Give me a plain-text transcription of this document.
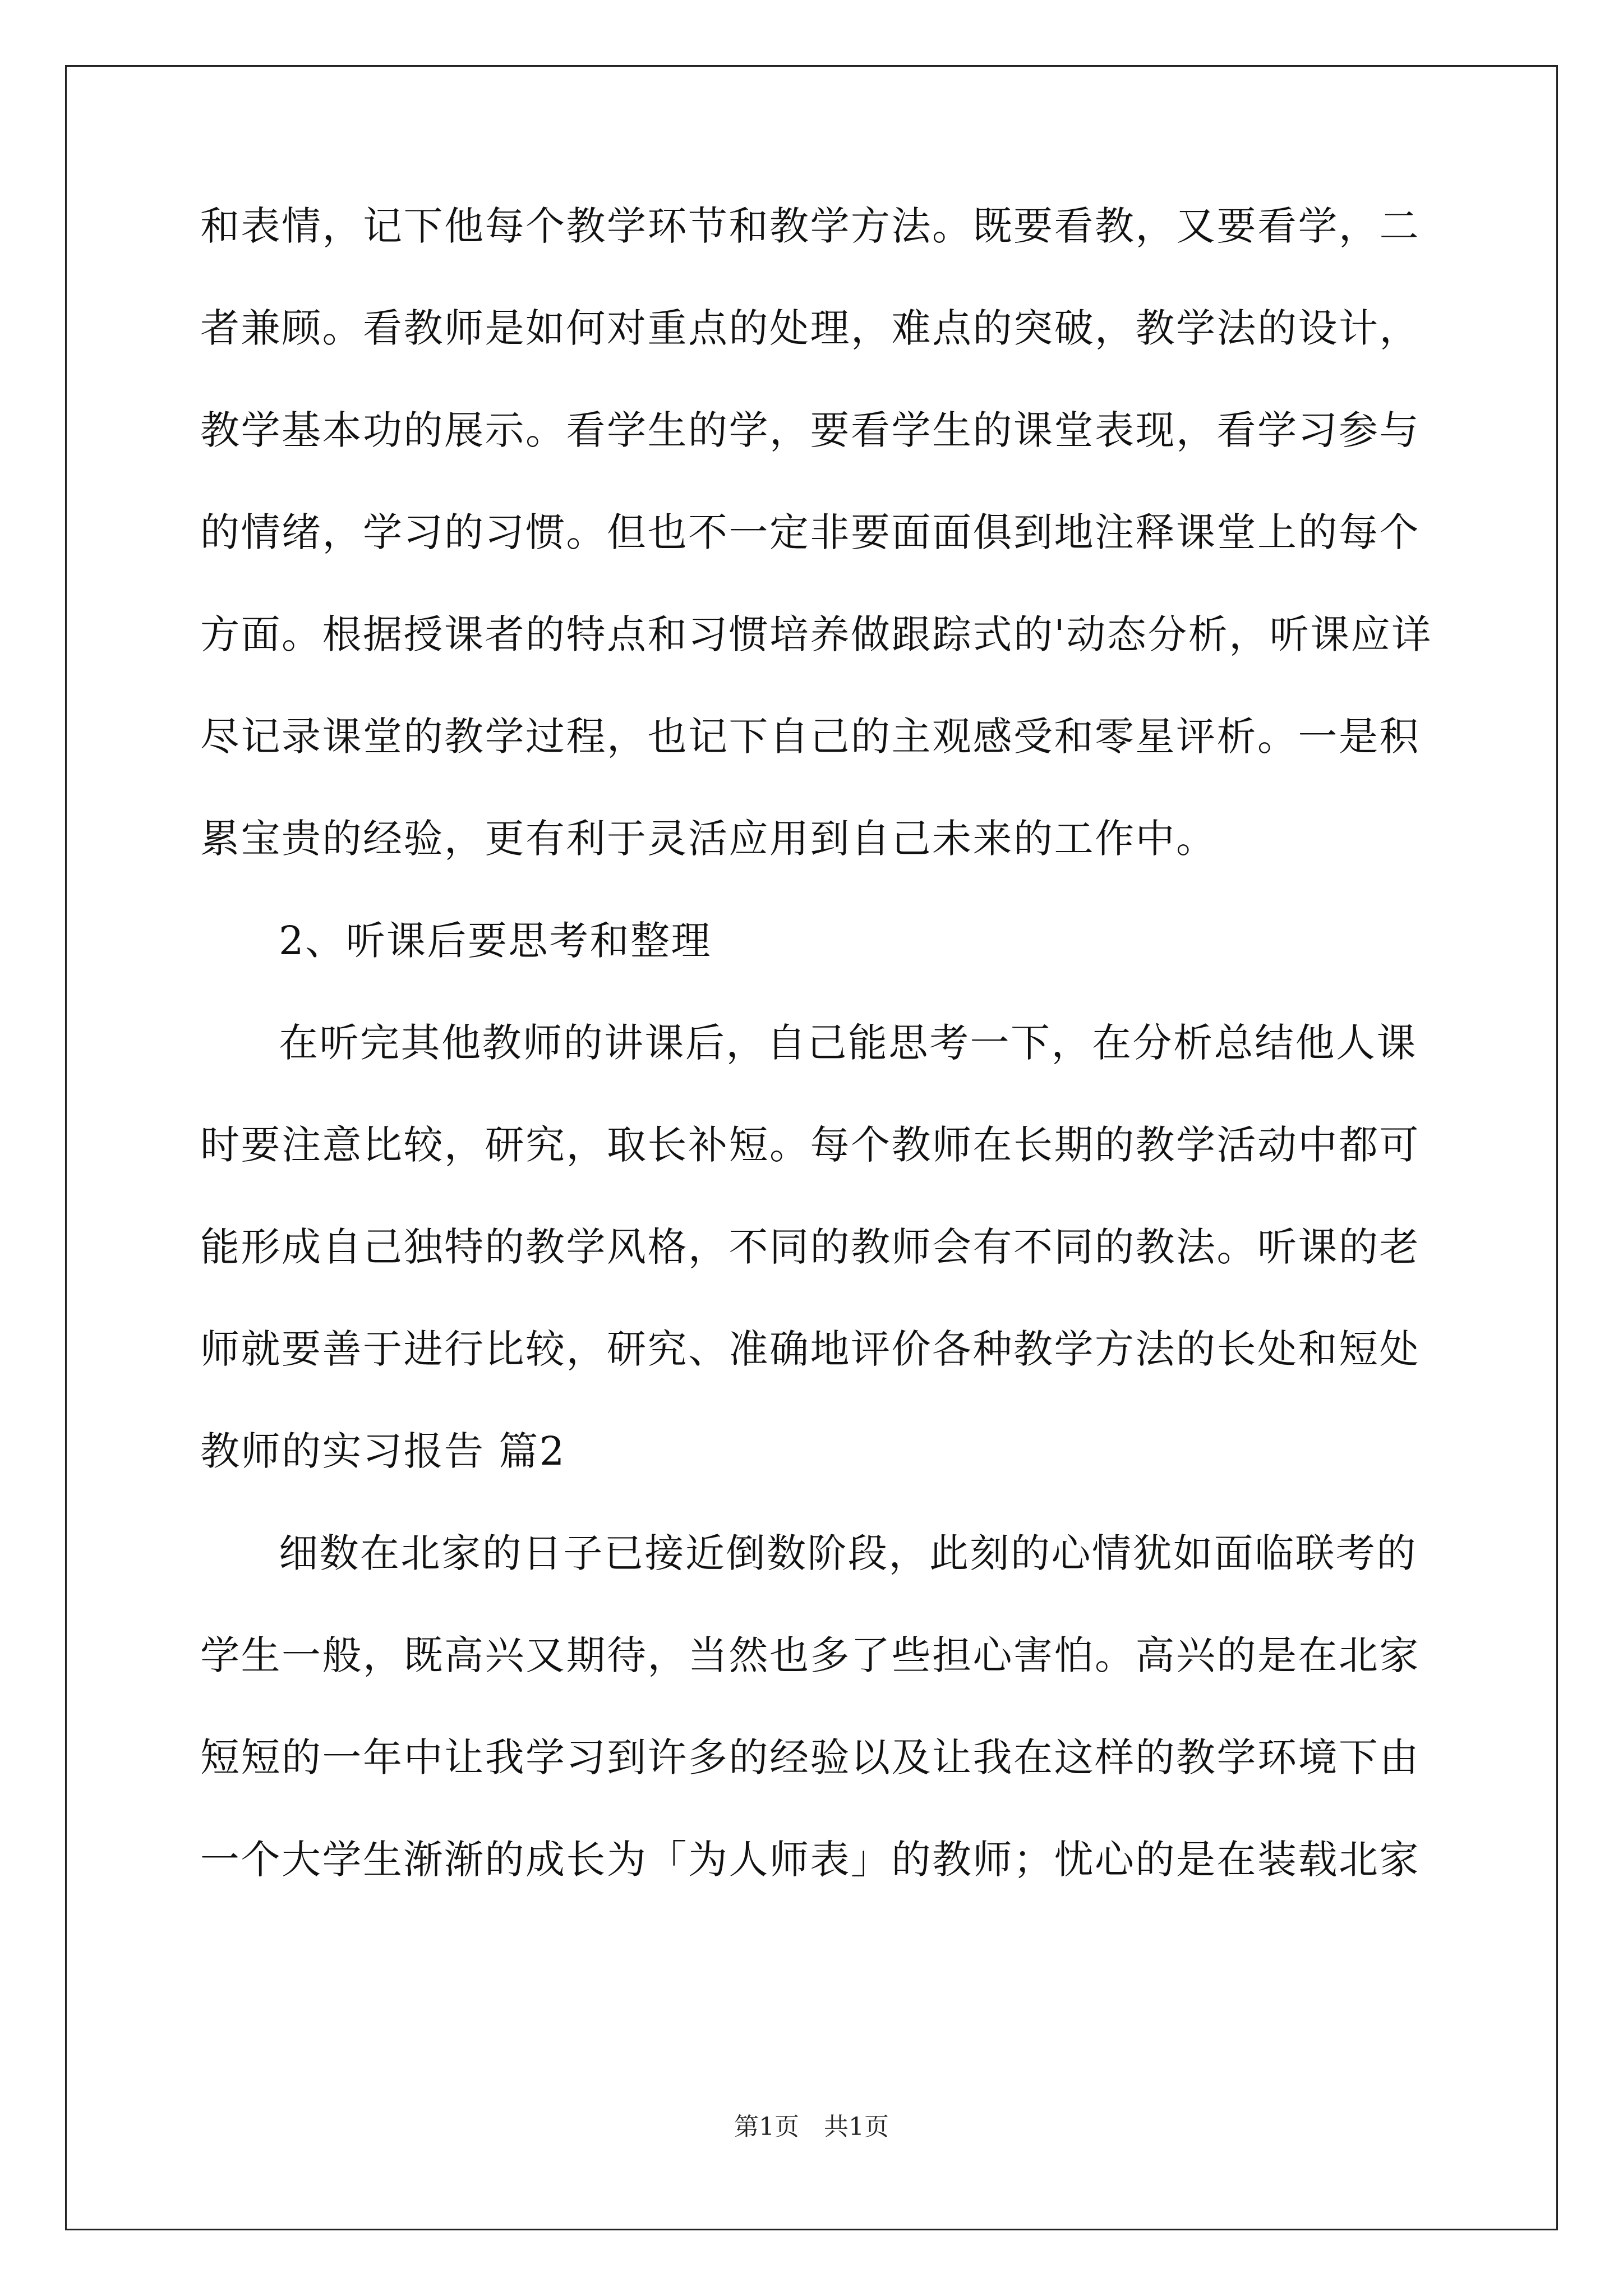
和表情，记下他每个教学环节和教学方法。既要看教，又要看学，二
者兼顾。看教师是如何对重点的处理，难点的突破，教学法的设计，
教学基本功的展示。看学生的学，要看学生的课堂表现，看学习参与
的情绪，学习的习惯。但也不一定非要面面俱到地注释课堂上的每个
方面。根据授课者的特点和习惯培养做跟踪式的'动态分析，听课应详
尽记录课堂的教学过程，也记下自己的主观感受和零星评析。一是积
累宝贵的经验，更有利于灵活应用到自己未来的工作中。
2、听课后要思考和整理
在听完其他教师的讲课后，自己能思考一下，在分析总结他人课
时要注意比较，研究，取长补短。每个教师在长期的教学活动中都可
能形成自己独特的教学风格，不同的教师会有不同的教法。听课的老
师就要善于进行比较，研究、准确地评价各种教学方法的长处和短处
教师的实习报告 篇2
细数在北家的日子已接近倒数阶段，此刻的心情犹如面临联考的
学生一般，既高兴又期待，当然也多了些担心害怕。高兴的是在北家
短短的一年中让我学习到许多的经验以及让我在这样的教学环境下由
一个大学生渐渐的成长为「为人师表」的教师；忧心的是在装载北家
第1页　共1页
